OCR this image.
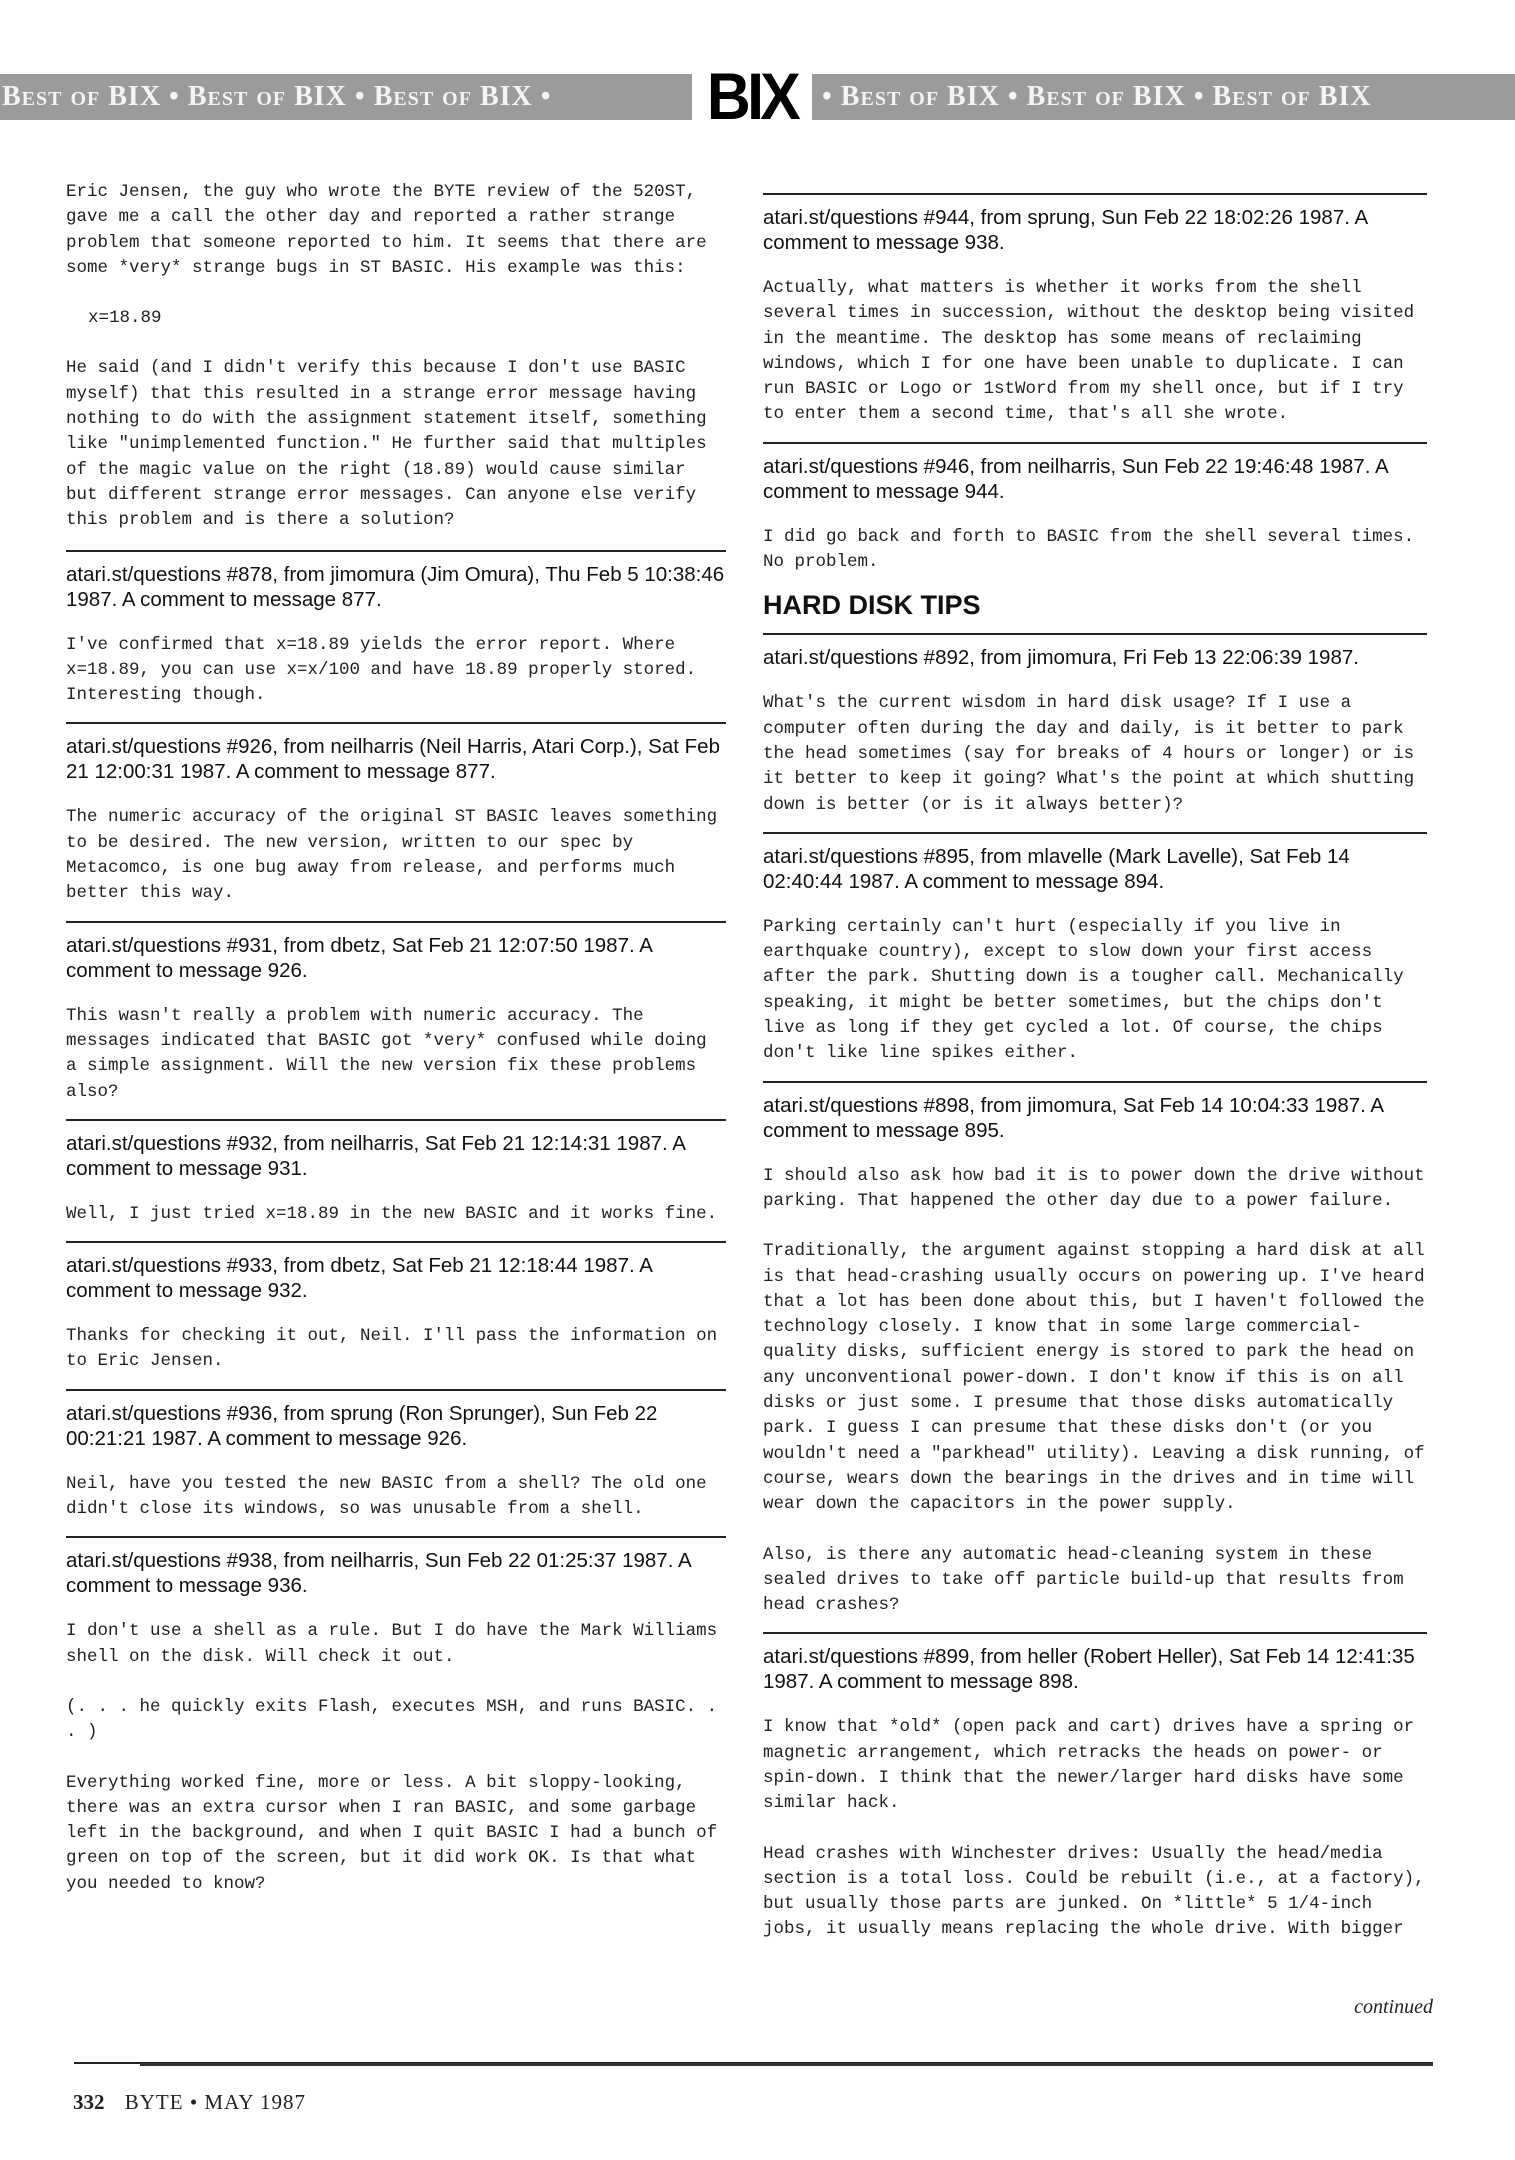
Best of BIX • Best of BIX • Best of BIX • BIX • Best of BIX • Best of BIX • Best of BIX

Eric Jensen, the guy who wrote the BYTE review of the 520ST, gave me a call the other day and reported a rather strange problem that someone reported to him. It seems that there are some *very* strange bugs in ST BASIC. His example was this:

x=18.89

He said (and I didn't verify this because I don't use BASIC myself) that this resulted in a strange error message having nothing to do with the assignment statement itself, something like "unimplemented function." He further said that multiples of the magic value on the right (18.89) would cause similar but different strange error messages. Can anyone else verify this problem and is there a solution?

atari.st/questions #878, from jimomura (Jim Omura), Thu Feb 5 10:38:46 1987. A comment to message 877.

I've confirmed that x=18.89 yields the error report. Where x=18.89, you can use x=x/100 and have 18.89 properly stored. Interesting though.

atari.st/questions #926, from neilharris (Neil Harris, Atari Corp.), Sat Feb 21 12:00:31 1987. A comment to message 877.

The numeric accuracy of the original ST BASIC leaves something to be desired. The new version, written to our spec by Metacomco, is one bug away from release, and performs much better this way.

atari.st/questions #931, from dbetz, Sat Feb 21 12:07:50 1987. A comment to message 926.

This wasn't really a problem with numeric accuracy. The messages indicated that BASIC got *very* confused while doing a simple assignment. Will the new version fix these problems also?

atari.st/questions #932, from neilharris, Sat Feb 21 12:14:31 1987. A comment to message 931.

Well, I just tried x=18.89 in the new BASIC and it works fine.

atari.st/questions #933, from dbetz, Sat Feb 21 12:18:44 1987. A comment to message 932.

Thanks for checking it out, Neil. I'll pass the information on to Eric Jensen.

atari.st/questions #936, from sprung (Ron Sprunger), Sun Feb 22 00:21:21 1987. A comment to message 926.

Neil, have you tested the new BASIC from a shell? The old one didn't close its windows, so was unusable from a shell.

atari.st/questions #938, from neilharris, Sun Feb 22 01:25:37 1987. A comment to message 936.

I don't use a shell as a rule. But I do have the Mark Williams shell on the disk. Will check it out.

(. . . he quickly exits Flash, executes MSH, and runs BASIC. . . )

Everything worked fine, more or less. A bit sloppy-looking, there was an extra cursor when I ran BASIC, and some garbage left in the background, and when I quit BASIC I had a bunch of green on top of the screen, but it did work OK. Is that what you needed to know?

atari.st/questions #944, from sprung, Sun Feb 22 18:02:26 1987. A comment to message 938.

Actually, what matters is whether it works from the shell several times in succession, without the desktop being visited in the meantime. The desktop has some means of reclaiming windows, which I for one have been unable to duplicate. I can run BASIC or Logo or 1stWord from my shell once, but if I try to enter them a second time, that's all she wrote.

atari.st/questions #946, from neilharris, Sun Feb 22 19:46:48 1987. A comment to message 944.

I did go back and forth to BASIC from the shell several times. No problem.

HARD DISK TIPS
atari.st/questions #892, from jimomura, Fri Feb 13 22:06:39 1987.

What's the current wisdom in hard disk usage? If I use a computer often during the day and daily, is it better to park the head sometimes (say for breaks of 4 hours or longer) or is it better to keep it going? What's the point at which shutting down is better (or is it always better)?

atari.st/questions #895, from mlavelle (Mark Lavelle), Sat Feb 14 02:40:44 1987. A comment to message 894.

Parking certainly can't hurt (especially if you live in earthquake country), except to slow down your first access after the park. Shutting down is a tougher call. Mechanically speaking, it might be better sometimes, but the chips don't live as long if they get cycled a lot. Of course, the chips don't like line spikes either.

atari.st/questions #898, from jimomura, Sat Feb 14 10:04:33 1987. A comment to message 895.

I should also ask how bad it is to power down the drive without parking. That happened the other day due to a power failure.

Traditionally, the argument against stopping a hard disk at all is that head-crashing usually occurs on powering up. I've heard that a lot has been done about this, but I haven't followed the technology closely. I know that in some large commercial-quality disks, sufficient energy is stored to park the head on any unconventional power-down. I don't know if this is on all disks or just some. I presume that those disks automatically park. I guess I can presume that these disks don't (or you wouldn't need a "parkhead" utility). Leaving a disk running, of course, wears down the bearings in the drives and in time will wear down the capacitors in the power supply.

Also, is there any automatic head-cleaning system in these sealed drives to take off particle build-up that results from head crashes?

atari.st/questions #899, from heller (Robert Heller), Sat Feb 14 12:41:35 1987. A comment to message 898.

I know that *old* (open pack and cart) drives have a spring or magnetic arrangement, which retracks the heads on power- or spin-down. I think that the newer/larger hard disks have some similar hack.

Head crashes with Winchester drives: Usually the head/media section is a total loss. Could be rebuilt (i.e., at a factory), but usually those parts are junked. On *little* 5 1/4-inch jobs, it usually means replacing the whole drive. With bigger

continued
332 BYTE • MAY 1987
